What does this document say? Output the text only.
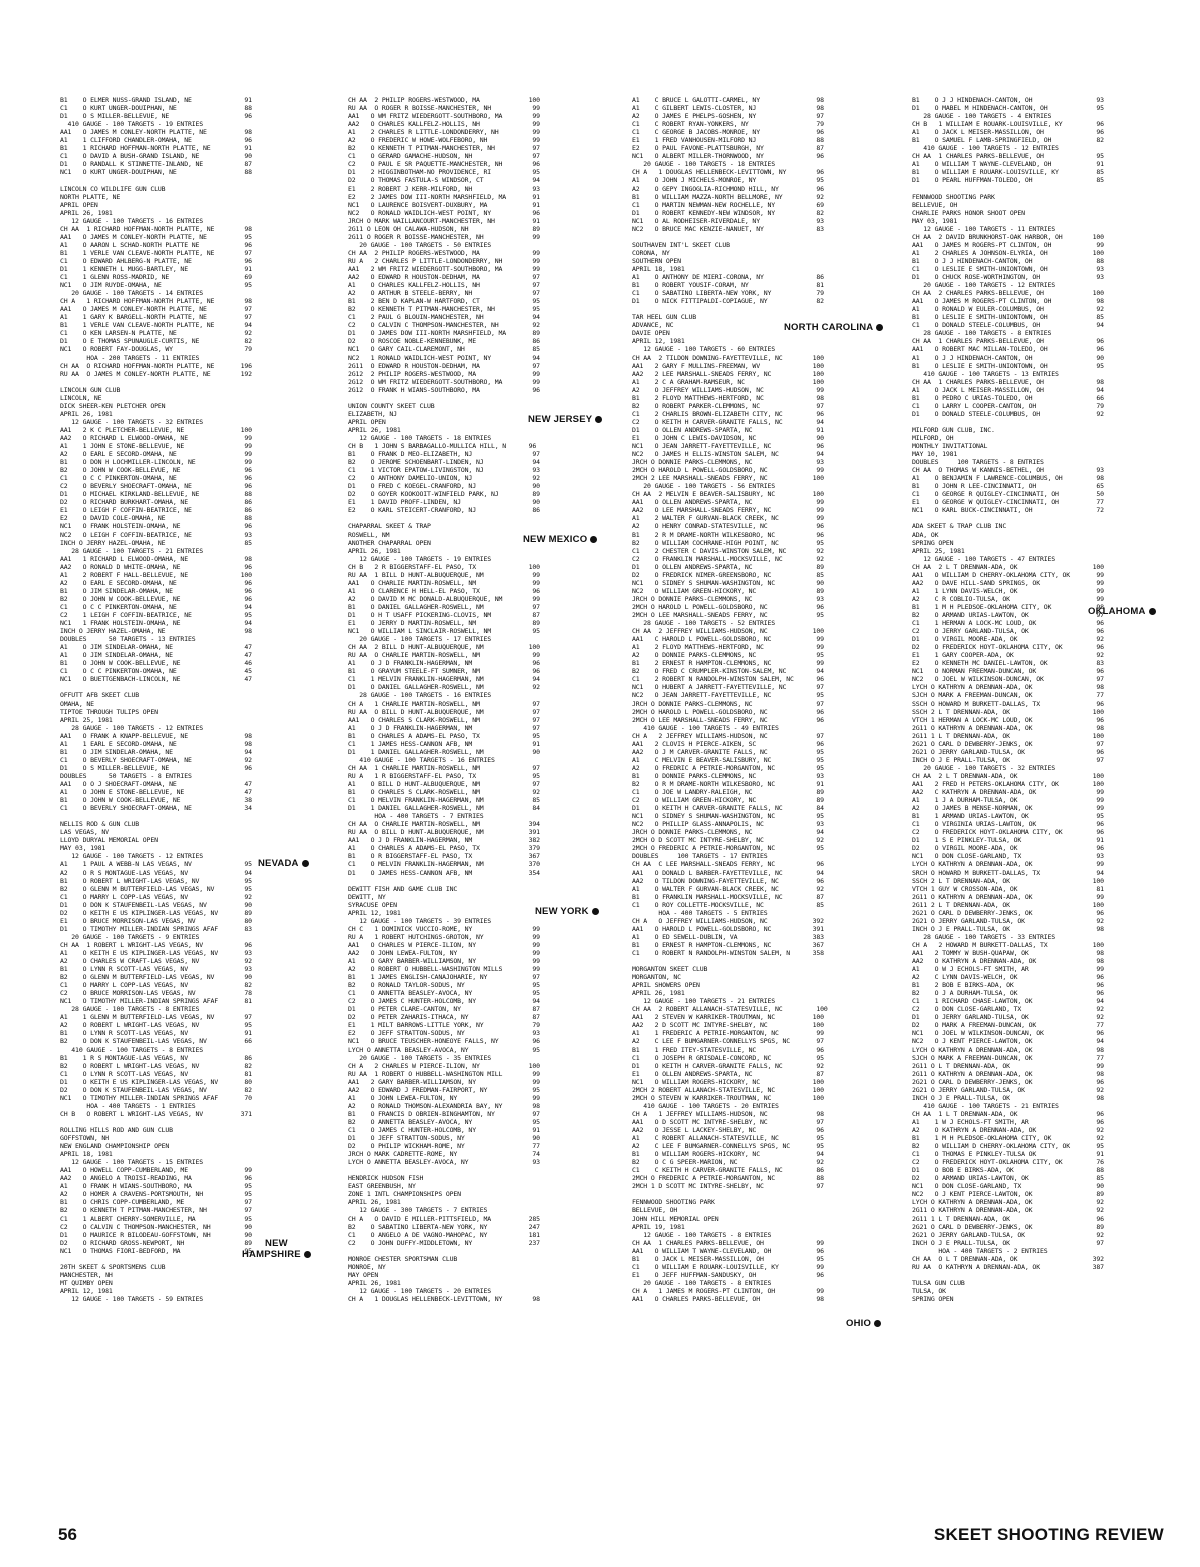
B1    O ELMER NUSS-GRAND ISLAND, NE              91
C1    O KURT UNGER-DOUIPHAN, NE                  88
D1    O S MILLER-BELLEVUE, NE                    96
410 GAUGE - 100 TARGETS - 19 ENTRIES
AA1   O JAMES M CONLEY-NORTH PLATTE, NE          98
A1    1 CLIFFORD CHANDLER-OMAHA, NE              96
B1    1 RICHARD HOFFMAN-NORTH PLATTE, NE         91
C1    O DAVID A BUSH-GRAND ISLAND, NE            90
D1    O RANDALL K STINNETTE-INLAND, NE           87
NC1   O KURT UNGER-DOUIPHAN, NE                  88
LINCOLN CO WILDLIFE GUN CLUB
NORTH PLATTE, NE
APRIL OPEN
APRIL 26, 1981
12 GAUGE - 100 TARGETS - 16 ENTRIES
CH AA  1 RICHARD HOFFMAN-NORTH PLATTE, NE        98
AA1   O JAMES M CONLEY-NORTH PLATTE, NE          95
A1    O AARON L SCHAD-NORTH PLATTE NE            96
B1    1 VERLE VAN CLEAVE-NORTH PLATTE, NE        97
C1    O EDWARD AHLBERG-N PLATTE, NE              96
D1    1 KENNETH L MUGG-BARTLEY, NE               91
C1    1 GLENN ROSS-MADRID, NE                    69
NC1   O JIM RUYDE-OMAHA, NE                      95
20 GAUGE - 100 TARGETS - 14 ENTRIES
CH A   1 RICHARD HOFFMAN-NORTH PLATTE, NE        98
AA1   O JAMES M CONLEY-NORTH PLATTE, NE          97
A1    1 GARY K BARGELL-NORTH PLATTE, NE          97
B1    1 VERLE VAN CLEAVE-NORTH PLATTE, NE        94
C1    O KEN LARSEN-N PLATTE, NE                  92
D1    O E THOMAS SPUNAUGLE-CURTIS, NE            82
NC1   O ROBERT FAY-DOUGLAS, WY                   79
HOA - 200 TARGETS - 11 ENTRIES
CH AA  O RICHARD HOFFMAN-NORTH PLATTE, NE       196
RU AA  O JAMES M CONLEY-NORTH PLATTE, NE        192
LINCOLN GUN CLUB
LINCOLN, NE
DICK SHEER-KEN PLETCHER OPEN
APRIL 26, 1981
12 GAUGE - 100 TARGETS - 32 ENTRIES
AA1   2 K C PLETCHER-BELLEVUE, NE               100
AA2   O RICHARD L ELWOOD-OMAHA, NE               99
A1    1 JOHN E STONE-BELLEVUE, NE                99
A2    O EARL E SECORD-OMAHA, NE                  99
B1    O DON H LOCHMILLER-LINCOLN, NE             99
B2    O JOHN W COOK-BELLEVUE, NE                 96
C1    O C C PINKERTON-OMAHA, NE                  96
C2    O BEVERLY SHOECRAFT-OMAHA, NE              96
D1    O MICHAEL KIRKLAND-BELLEVUE, NE            88
D2    O RICHARD BURKHART-OMAHA, NE               86
E1    O LEIGH F COFFIN-BEATRICE, NE              86
E2    O DAVID COLE-OMAHA, NE                     88
NC1   O FRANK HOLSTEIN-OMAHA, NE                 96
NC2   O LEIGH F COFFIN-BEATRICE, NE              93
INCH O JERRY HAZEL-OMAHA, NE                     85
28 GAUGE - 100 TARGETS - 21 ENTRIES
AA1   1 RICHARD L ELWOOD-OMAHA, NE               98
AA2   O RONALD D WHITE-OMAHA, NE                 96
A1    2 ROBERT F HALL-BELLEVUE, NE              100
A2    O EARL E SECORD-OMAHA, NE                  96
B1    O JIM SINDELAR-OMAHA, NE                   96
B2    O JOHN W COOK-BELLEVUE, NE                 96
C1    O C C PINKERTON-OMAHA, NE                  94
C2    1 LEIGH F COFFIN-BEATRICE, NE              95
NC1   1 FRANK HOLSTEIN-OMAHA, NE                 94
INCH O JERRY HAZEL-OMAHA, NE                     98
DOUBLES      50 TARGETS - 13 ENTRIES
A1    O JIM SINDELAR-OMAHA, NE                   47
A1    O JIM SINDELAR-OMAHA, NE                   47
B1    O JOHN W COOK-BELLEVUE, NE                 46
C1    O C C PINKERTON-OMAHA, NE                  45
NC1   O BUETTGENBACH-LINCOLN, NE                 47
OFFUTT AFB SKEET CLUB
OMAHA, NE
TIPTOE THROUGH TULIPS OPEN
APRIL 25, 1981
28 GAUGE - 100 TARGETS - 12 ENTRIES
AA1   O FRANK A KNAPP-BELLEVUE, NE               98
A1    1 EARL E SECORD-OMAHA, NE                  98
B1    O JIM SINDELAR-OMAHA, NE                   94
C1    O BEVERLY SHOECRAFT-OMAHA, NE              92
D1    O S MILLER-BELLEVUE, NE                    96
DOUBLES      50 TARGETS - 8 ENTRIES
AA1   O O J SHOECRAFT-OMAHA, NE                  47
A1    O JOHN E STONE-BELLEVUE, NE                47
B1    O JOHN W COOK-BELLEVUE, NE                 38
C1    O BEVERLY SHOECRAFT-OMAHA, NE              34
NELLIS ROD & GUN CLUB
LAS VEGAS, NV
LLOYD DURYAL MEMORIAL OPEN
MAY 03, 1981
12 GAUGE - 100 TARGETS - 12 ENTRIES
A1    1 PAUL A WEBB-N LAS VEGAS, NV              95
A2    O R S MONTAGUE-LAS VEGAS, NV               94
B1    O ROBERT L WRIGHT-LAS VEGAS, NV            95
B2    O GLENN M BUTTERFIELD-LAS VEGAS, NV        95
C1    O MARRY L COPP-LAS VEGAS, NV               92
D1    O DON K STAUFENBEIL-LAS VEGAS, NV          90
D2    O KEITH E US KIPLINGER-LAS VEGAS, NV       89
E1    O BRUCE MORRISON-LAS VEGAS, NV             80
D1    O TIMOTHY MILLER-INDIAN SPRINGS AFAF       83
20 GAUGE - 100 TARGETS - 9 ENTRIES
CH AA  1 ROBERT L WRIGHT-LAS VEGAS, NV           96
A1    O KEITH E US KIPLINGER-LAS VEGAS, NV       93
A2    O CHARLES W CRAFT-LAS VEGAS, NV            92
B1    O LYNN R SCOTT-LAS VEGAS, NV               93
B2    O GLENN M BUTTERFIELD-LAS VEGAS, NV        90
C1    O MARRY L COPP-LAS VEGAS, NV               82
C2    O BRUCE MORRISON-LAS VEGAS, NV             78
NC1   O TIMOTHY MILLER-INDIAN SPRINGS AFAF       81
28 GAUGE - 100 TARGETS - 8 ENTRIES
A1    1 GLENN M BUTTERFIELD-LAS VEGAS, NV        97
A2    O ROBERT L WRIGHT-LAS VEGAS, NV            95
B1    O LYNN R SCOTT-LAS VEGAS, NV               91
B2    O DON K STAUFENBEIL-LAS VEGAS, NV          66
410 GAUGE - 100 TARGETS - 8 ENTRIES
B1    1 R S MONTAGUE-LAS VEGAS, NV               86
B2    O ROBERT L WRIGHT-LAS VEGAS, NV            82
C1    O LYNN R SCOTT-LAS VEGAS, NV               81
D1    O KEITH E US KIPLINGER-LAS VEGAS, NV       80
D2    O DON K STAUFENBEIL-LAS VEGAS, NV          82
NC1   O TIMOTHY MILLER-INDIAN SPRINGS AFAF       70
HOA - 400 TARGETS - 1 ENTRIES
CH B   O ROBERT L WRIGHT-LAS VEGAS, NV          371
ROLLING HILLS ROD AND GUN CLUB
GOFFSTOWN, NH
NEW ENGLAND CHAMPIONSHIP OPEN
APRIL 18, 1981
12 GAUGE - 100 TARGETS - 15 ENTRIES
AA1   O HOWELL COPP-CUMBERLAND, ME               99
AA2   O ANGELO A TROISI-READING, MA              96
A1    O FRANK H WIANS-SOUTHBORO, MA              95
A2    O HOMER A CRAVENS-PORTSMOUTH, NH           95
B1    O CHRIS COPP-CUMBERLAND, ME                97
B2    O KENNETH T PITMAN-MANCHESTER, NH          97
C1    1 ALBERT CHERRY-SOMERVILLE, MA             95
C2    O CALVIN C THOMPSON-MANCHESTER, NH         90
D1    O MAURICE R BILODEAU-GOFFSTOWN, NH         90
D2    O RICHARD GROSS-NEWPORT, NH                89
NC1   O THOMAS FIORI-BEDFORD, MA                 95
20TH SKEET & SPORTSMENS CLUB
MANCHESTER, NH
MT QUIMBY OPEN
APRIL 12, 1981
12 GAUGE - 100 TARGETS - 59 ENTRIES
CH AA  2 PHILIP ROGERS-WESTWOOD, MA             100
RU AA  O ROGER R BOISSE-MANCHESTER, NH           99
AA1   O WM FRITZ WIEDERGOTT-SOUTHBORO, MA        99
AA2   O CHARLES KALLFELZ-HOLLIS, NH              99
A1    2 CHARLES R LITTLE-LONDONDERRY, NH         99
A2    O FREDERIC W HOWE-WOLFEBORO, NH            99
B2    O KENNETH T PITMAN-MANCHESTER, NH          97
C1    O GERARD GAMACHE-HUDSON, NH                97
C2    O PAUL E SR PAQUETTE-MANCHESTER, NH        96
D1    2 HIGGINBOTHAM-NO PROVIDENCE, RI           95
D2    O THOMAS FASTULA-S WINDSOR, CT             94
E1    2 ROBERT J KERR-MILFORD, NH                93
E2    2 JAMES DOW III-NORTH MARSHFIELD, MA       91
NC1   O LAURENCE BOISVERT-DUXBURY, MA            91
NC2   O RONALD WAIDLICH-WEST POINT, NY           96
JRCH O MARK WAILLANCOURT-MANCHESTER, NH          91
2G11 O LEON OH CALAWA-HUDSON, NH                 89
2G11 O ROGER R BOISSE-MANCHESTER, NH             99
20 GAUGE - 100 TARGETS - 50 ENTRIES
CH AA  2 PHILIP ROGERS-WESTWOOD, MA              99
RU A   2 CHARLES P LITTLE-LONDONDERRY, NH        99
AA1   2 WM FRITZ WIEDERGOTT-SOUTHBORO, MA        99
AA2   O EDWARD R HOUSTON-DEDHAM, MA              97
A1    O CHARLES KALLFELZ-HOLLIS, NH              97
A2    O ARTHUR B STEELE-BERRY, NH                97
B1    2 BEN D KAPLAN-W HARTFORD, CT              95
B2    O KENNETH T PITMAN-MANCHESTER, NH          95
C1    2 PAUL G BLOUIN-MANCHESTER, NH             94
C2    O CALVIN C THOMPSON-MANCHESTER, NH         92
D1    O JAMES DOW III-NORTH MARSHFIELD, MA       89
D2    O ROSCOE NOBLE-KENNEBUNK, ME               86
NC1   O GARY CAIL-CLAREMONT, NH                  85
NC2   1 RONALD WAIDLICH-WEST POINT, NY           94
2G11  O EDWARD R HOUSTON-DEDHAM, MA              97
2G12  2 PHILIP ROGERS-WESTWOOD, MA               99
2G12  O WM FRITZ WIEDERGOTT-SOUTHBORO, MA        99
2G12  O FRANK H WIANS-SOUTHBORO, MA              96
UNION COUNTY SKEET CLUB
ELIZABETH, NJ
APRIL OPEN
APRIL 26, 1981
12 GAUGE - 100 TARGETS - 18 ENTRIES
CH B   1 JOHN S BARBAGALLO-MULLICA HILL, N      96
B1    O FRANK D MEO-ELIZABETH, NJ                97
B2    O JEROME SCHOENBART-LINDEN, NJ             94
C1    1 VICTOR EPATOW-LIVINGSTON, NJ             93
C2    O ANTHONY DAMELIO-UNION, NJ                92
D1    O FRED C KOEGEL-CRANFORD, NJ               90
D2    O GOYER KOOKOOIT-WINFIELD PARK, NJ         89
E1    1 DAVID PROFF-LINDEN, NJ                   90
E2    O KARL STEICERT-CRANFORD, NJ               86
CHAPARRAL SKEET & TRAP
ROSWELL, NM
ANOTHER CHAPARRAL OPEN
APRIL 26, 1981
12 GAUGE - 100 TARGETS - 19 ENTRIES
CH B   2 R BIGGERSTAFF-EL PASO, TX              100
RU AA  1 BILL D HUNT-ALBUQUERQUE, NM             99
AA1   O CHARLIE MARTIN-ROSWELL, NM               99
A1    O CLARENCE H HELL-EL PASO, TX              96
A2    O DAVID M MC DONALD-ALBUQUERQUE, NM        99
B1    O DANIEL GALLAGHER-ROSWELL, NM             97
D1    O H T USAFF PICKERING-CLOVIS, NM           87
E1    O JERRY D MARTIN-ROSWELL, NM               89
NC1   O WILLIAM L SINCLAIR-ROSWELL, NM           95
20 GAUGE - 100 TARGETS - 17 ENTRIES
CH AA  2 BILL D HUNT-ALBUQUERQUE, NM            100
RU AA  O CHARLIE MARTIN-ROSWELL, NM              99
A1    O J D FRANKLIN-HAGERMAN, NM                96
B1    O GRAYUM STEELE-FT SUMNER, NM              96
C1    1 MELVIN FRANKLIN-HAGERMAN, NM             94
D1    O DANIEL GALLAGHER-ROSWELL, NM             92
28 GAUGE - 100 TARGETS - 16 ENTRIES
CH A   1 CHARLIE MARTIN-ROSWELL, NM              97
RU AA  O BILL D HUNT-ALBUQUERQUE, NM             97
AA1   O CHARLES S CLARK-ROSWELL, NM              97
A1    O J D FRANKLIN-HAGERMAN, NM                97
B1    O CHARLES A ADAMS-EL PASO, TX              95
C1    1 JAMES HESS-CANNON AFB, NM                91
D1    1 DANIEL GALLAGHER-ROSWELL, NM             90
410 GAUGE - 100 TARGETS - 16 ENTRIES
CH AA  1 CHARLIE MARTIN-ROSWELL, NM              97
RU A   1 R BIGGERSTAFF-EL PASO, TX               95
A1    O BILL D HUNT-ALBUQUERQUE, NM              97
B1    O CHARLES S CLARK-ROSWELL, NM              92
C1    O MELVIN FRANKLIN-HAGERMAN, NM             85
D1    1 DANIEL GALLAGHER-ROSWELL, NM             84
HOA - 400 TARGETS - 7 ENTRIES
CH AA  O CHARLIE MARTIN-ROSWELL, NM             394
RU AA  O BILL D HUNT-ALBUQUERQUE, NM            391
AA1   O J D FRANKLIN-HAGERMAN, NM               382
A1    O CHARLES A ADAMS-EL PASO, TX             379
B1    O R BIGGERSTAFF-EL PASO, TX               367
C1    O MELVIN FRANKLIN-HAGERMAN, NM            370
D1    O JAMES HESS-CANNON AFB, NM               354
DEWITT FISH AND GAME CLUB INC
DEWITT, NY
SYRACUSE OPEN
APRIL 12, 1981
12 GAUGE - 100 TARGETS - 39 ENTRIES
CH C   1 DOMINICK VUCCIO-ROME, NY                99
RU A   1 ROBERT HUTCHINGS-GROTON, NY             99
AA1   O CHARLES W PIERCE-ILION, NY               99
AA2   O JOHN LEWEA-FULTON, NY                    99
A1    O GARY BARBER-WILLIAMSON, NY               99
A2    O ROBERT O HUBBELL-WASHINGTON MILLS        99
B1    1 JAMES ENGLISH-CANAJOHARIE, NY            97
B2    O RONALD TAYLOR-SODUS, NY                  95
C1    O ANNETTA BEASLEY-AVOCA, NY                95
C2    O JAMES C HUNTER-HOLCOMB, NY               94
D1    O PETER CLARE-CANTON, NY                   87
D2    O PETER ZAHARIS-ITHACA, NY                 87
E1    1 MILT BARROWS-LITTLE YORK, NY             79
E2    O JEFF STRATTON-SODUS, NY                  93
NC1   O BRUCE TEUSCHER-HONEOYE FALLS, NY         96
LYCH O ANNETTA BEASLEY-AVOCA, NY                 95
20 GAUGE - 100 TARGETS - 35 ENTRIES
CH A   2 CHARLES W PIERCE-ILION, NY             100
RU AA  1 ROBERT O HUBBELL-WASHINGTON MILL        99
AA1   2 GARY BARBER-WILLIAMSON, NY               99
AA2   O EDWARD J FREDMAN-FAIRPORT, NY            95
A1    O JOHN LEWEA-FULTON, NY                    99
A2    O RONALD THOMSON-ALEXANDRIA BAY, NY        98
B1    O FRANCIS D OBRIEN-BINGHAMTON, NY          97
B2    O ANNETTA BEASLEY-AVOCA, NY                95
C1    O JAMES C HUNTER-HOLCOMB, NY               91
D1    O JEFF STRATTON-SODUS, NY                  90
D2    O PHILIP WICKHAM-ROME, NY                  77
JRCH O MARK CADRETTE-ROME, NY                    74
LYCH O ANNETTA BEASLEY-AVOCA, NY                 93
HENDRICK HUDSON FISH
EAST GREENBUSH, NY
ZONE 1 INTL CHAMPIONSHIPS OPEN
APRIL 26, 1981
12 GAUGE - 300 TARGETS - 7 ENTRIES
CH A   O DAVID E MILLER-PITTSFIELD, MA          285
B2    O SABATINO LIBERTA-NEW YORK, NY           247
C1    O ANGELO A DE VAGNO-MAHOPAC, NY           181
C2    O JOHN DUFFY-MIDDLETOWN, NY               237
MONROE CHESTER SPORTSMAN CLUB
MONROE, NY
MAY OPEN
APRIL 26, 1981
12 GAUGE - 100 TARGETS - 20 ENTRIES
CH A   1 DOUGLAS HELLENBECK-LEVITTOWN, NY        98
A1    C BRUCE L GALOTTI-CARMEL, NY               98
A1    C GILBERT LEWIS-CLOSTER, NJ                98
A2    O JAMES E PHELPS-GOSHEN, NY                97
C1    C ROBERT RYAN-YONKERS, NY                  79
C1    C GEORGE B JACOBS-MONROE, NY               96
E1    1 FRED VANHOUSEN-MILFORD NJ                88
E2    O PAUL FAVONE-PLATTSBURGH, NY              87
NC1   O ALBERT MILLER-THORNWOOD, NY              96
20 GAUGE - 100 TARGETS - 18 ENTRIES
CH A   1 DOUGLAS HELLENBECK-LEVITTOWN, NY        96
A1    O JOHN J MICHELS-MONROE, NY                95
A2    O GEPY INGOGLIA-RICHMOND HILL, NY          96
B1    O WILLIAM MAZZA-NORTH BELLMORE, NY         92
C1    O MARTIN NEWMAN-NEW ROCHELLE, NY           69
D1    O ROBERT KENNEDY-NEW WINDSOR, NY           82
NC1   O AL RODHEISER-RIVERDALE, NY               93
NC2   O BRUCE MAC KENZIE-NANUET, NY              83
SOUTHAVEN INT'L SKEET CLUB
CORONA, NY
SOUTHERN OPEN
APRIL 18, 1981
A1    O ANTHONY DE MIERI-CORONA, NY              86
B1    O ROBERT YOUSIF-CORAM, NY                  81
C1    O SABATINO LIBERTA-NEW YORK, NY            79
D1    O NICK FITTIPALDI-COPIAGUE, NY             82
TAR HEEL GUN CLUB
ADVANCE, NC
DAVIE OPEN
APRIL 12, 1981
12 GAUGE - 100 TARGETS - 60 ENTRIES
CH AA  2 TILDON DOWNING-FAYETTEVILLE, NC        100
AA1   2 GARY F MULLINS-FREEMAN, WV              100
AA2   2 LEE MARSHALL-SNEADS FERRY, NC           100
A1    2 C A GRAHAM-RAMSEUR, NC                  100
A2    O JEFFREY WILLIAMS-HUDSON, NC              99
B1    2 FLOYD MATTHEWS-HERTFORD, NC              98
B2    O ROBERT PARKER-CLEMMONS, NC               97
C1    2 CHARLIS BROWN-ELIZABETH CITY, NC         96
C2    O KEITH H CARVER-GRANITE FALLS, NC         94
D1    O OLLEN ANDREWS-SPARTA, NC                 91
E1    O JOHN C LEWIS-DAVIDSON, NC                90
NC1   O JEAN JARRETT-FAYETTEVILLE, NC            96
NC2   O JAMES H ELLIS-WINSTON SALEM, NC          94
JRCH O DONNIE PARKS-CLEMMONS, NC                 93
2MCH O HAROLD L POWELL-GOLDSBORO, NC             99
2MCH 2 LEE MARSHALL-SNEADS FERRY, NC            100
20 GAUGE - 100 TARGETS - 56 ENTRIES
CH AA  2 MELVIN E BEAVER-SALISBURY, NC          100
AA1   O OLLEN ANDREWS-SPARTA, NC                 99
AA2   O LEE MARSHALL-SNEADS FERRY, NC            99
A1    2 WALTER F GURVAN-BLACK CREEK, NC          99
A2    O HENRY CONRAD-STATESVILLE, NC             96
B1    2 R M DRAME-NORTH WILKESBORO, NC           96
B2    O WILLIAM COCHRANE-HIGH POINT, NC          95
C1    2 CHESTER C DAVIS-WINSTON SALEM, NC        92
C2    O FRANKLIN MARSHALL-MOCKSVILLE, NC         92
D1    O OLLEN ANDREWS-SPARTA, NC                 89
D2    O FREDRICK NIMER-GREENSBORO, NC            85
NC1   O SIDNEY S SHUMAN-WASHINGTON, NC           90
NC2   O WILLIAM GREEN-HICKORY, NC                89
JRCH O DONNIE PARKS-CLEMMONS, NC                 93
2MCH O HAROLD L POWELL-GOLDSBORO, NC             96
2MCH O LEE MARSHALL-SNEADS FERRY, NC             95
28 GAUGE - 100 TARGETS - 52 ENTRIES
CH AA  2 JEFFREY WILLIAMS-HUDSON, NC            100
AA1   C HAROLD L POWELL-GOLDSBORO, NC            99
A1    2 FLOYD MATTHEWS-HERTFORD, NC              99
A2    O DONNIE PARKS-CLEMMONS, NC                95
B1    2 ERNEST R HAMPTON-CLEMMONS, NC            99
B2    O FRED C CRUMPLER-KINSTON-SALEM, NC        94
C1    2 ROBERT N RANDOLPH-WINSTON SALEM, NC      96
NC1   O HUBERT A JARRETT-FAYETTEVILLE, NC        97
NC2   O JEAN JARRETT-FAYETTEVILLE, NC            95
JRCH O DONNIE PARKS-CLEMMONS, NC                 97
2MCH O HAROLD L POWELL-GOLDSBORO, NC             96
2MCH O LEE MARSHALL-SNEADS FERRY, NC             96
410 GAUGE - 100 TARGETS - 49 ENTRIES
CH A   2 JEFFREY WILLIAMS-HUDSON, NC             97
AA1   2 CLOVIS H PIERCE-AIKEN, SC                96
AA2   O J M CARVER-GRANITE FALLS, NC             95
A1    C MELVIN E BEAVER-SALISBURY, NC            95
A2    O FREDRIC A PETRIE-MORGANTON, NC           95
B1    O DONNIE PARKS-CLEMMONS, NC                93
B2    O R M DRAME-NORTH WILKESBORO, NC           91
C1    O JOE W LANDRY-RALEIGH, NC                 89
C2    O WILLIAM GREEN-HICKORY, NC                89
D1    O KEITH H CARVER-GRANITE FALLS, NC         84
NC1   O SIDNEY S SHUMAN-WASHINGTON, NC           95
NC2   O PHILLIP GLASS-ANNAPOLIS, NC              93
JRCH O DONNIE PARKS-CLEMMONS, NC                 94
2MCH O D SCOTT MC INTYRE-SHELBY, NC              92
2MCH O FREDERIC A PETRIE-MORGANTON, NC           95
DOUBLES     100 TARGETS - 17 ENTRIES
CH AA  C LEE MARSHALL-SNEADS FERRY, NC           96
AA1   O DONALD L BARBER-FAYETTEVILLE, NC         94
AA2   O TILDON DOWNING-FAYETTEVILLE, NC          96
A1    O WALTER F GURVAN-BLACK CREEK, NC          92
B1    O FRANKLIN MARSHALL-MOCKSVILLE, NC         87
C1    O ROY COLLETTE-MOCKSVILLE, NC              85
HOA - 400 TARGETS - 5 ENTRIES
CH A   O JEFFREY WILLIAMS-HUDSON, NC            392
AA1   O HAROLD L POWELL-GOLDSBORO, NC           391
A1    O ED SEWELL-DUBLIN, VA                    383
B1    O ERNEST R HAMPTON-CLEMMONS, NC           367
C1    O ROBERT N RANDOLPH-WINSTON SALEM, N      358
MORGANTON SKEET CLUB
MORGANTON, NC
APRIL SHOWERS OPEN
APRIL 26, 1981
12 GAUGE - 100 TARGETS - 21 ENTRIES
CH AA  2 ROBERT ALLANACH-STATESVILLE, NC         100
AA1   2 STEVEN W KARRIKER-TROUTMAN, NC          100
AA2   2 D SCOTT MC INTYRE-SHELBY, NC            100
A1    1 FREDERIC A PETRIE-MORGANTON, NC          99
A2    C LEE F BUMGARNER-CONNELLYS SPGS, NC       97
B1    1 FRED ITEY-STATESVILLE, NC                96
C1    O JOSEPH R GRISDALE-CONCORD, NC            95
D1    O KEITH H CARVER-GRANITE FALLS, NC         92
E1    O OLLEN ANDREWS-SPARTA, NC                 87
NC1   O WILLIAM ROGERS-HICKORY, NC              100
2MCH 2 ROBERT ALLANACH-STATESVILLE, NC          100
2MCH O STEVEN W KARRIKER-TROUTMAN, NC           100
410 GAUGE - 100 TARGETS - 20 ENTRIES
CH A   1 JEFFREY WILLIAMS-HUDSON, NC             98
AA1   O D SCOTT MC INTYRE-SHELBY, NC             97
AA2   O JESSE L LACKEY-SHELBY, NC                96
A1    C ROBERT ALLANACH-STATESVILLE, NC          95
A2    C LEE F BUMGARNER-CONNELLYS SPGS, NC       95
B1    O WILLIAM ROGERS-HICKORY, NC               94
B2    O C G SPEER-MARION, NC                     92
C1    C KEITH H CARVER-GRANITE FALLS, NC         86
2MCH O FREDERIC A PETRIE-MORGANTON, NC           88
2MCH 1 D SCOTT MC INTYRE-SHELBY, NC              97
FENNWOOD SHOOTING PARK
BELLEVUE, OH
JOHN HILL MEMORIAL OPEN
APRIL 19, 1981
12 GAUGE - 100 TARGETS - 8 ENTRIES
CH AA  1 CHARLES PARKS-BELLEVUE, OH              99
AA1   O WILLIAM T WAYNE-CLEVELAND, OH            96
B1    O JACK L MEISER-MASSILLON, OH              95
C1    O WILLIAM E ROUARK-LOUISVILLE, KY          99
E1    O JEFF HUFFMAN-SANDUSKY, OH                96
20 GAUGE - 100 TARGETS - 8 ENTRIES
CH A   1 JAMES M ROGERS-PT CLINTON, OH           99
AA1   O CHARLES PARKS-BELLEVUE, OH               98
B1    O J J HINDENACH-CANTON, OH                 93
D1    O MABEL M HINDENACH-CANTON, OH             95
28 GAUGE - 100 TARGETS - 4 ENTRIES
CH B   1 WILLIAM E ROUARK-LOUISVILLE, KY         96
A1    O JACK L MEISER-MASSILLON, OH              96
B1    O SAMUEL F LAMB-SPRINGFIELD, OH            82
410 GAUGE - 100 TARGETS - 12 ENTRIES
CH AA  1 CHARLES PARKS-BELLEVUE, OH              95
A1    O WILLIAM T WAYNE-CLEVELAND, OH            91
B1    O WILLIAM E ROUARK-LOUISVILLE, KY          85
D1    O PEARL HUFFMAN-TOLEDO, OH                 85
FENNWOOD SHOOTING PARK
BELLEVUE, OH
CHARLIE PARKS HONOR SHOOT OPEN
MAY 03, 1981
12 GAUGE - 100 TARGETS - 11 ENTRIES
CH AA  2 DAVID BRUNKHORST-OAK HARBOR, OH        100
AA1   O JAMES M ROGERS-PT CLINTON, OH            99
A1    2 CHARLES A JOHNSON-ELYRIA, OH            100
B1    O J J HINDENACH-CANTON, OH                 88
C1    O LESLIE E SMITH-UNIONTOWN, OH             93
D1    O CHUCK ROSE-WORTHINGTON, OH               93
20 GAUGE - 100 TARGETS - 12 ENTRIES
CH AA  2 CHARLES PARKS-BELLEVUE, OH             100
AA1   O JAMES M ROGERS-PT CLINTON, OH            98
A1    O RONALD W EULER-COLUMBUS, OH              92
B1    O LESLIE E SMITH-UNIONTOWN, OH             85
C1    O DONALD STEELE-COLUMBUS, OH               94
28 GAUGE - 100 TARGETS - 8 ENTRIES
CH AA  1 CHARLES PARKS-BELLEVUE, OH              96
AA1   O ROBERT MAC MILLAN-TOLEDO, OH             96
A1    O J J HINDENACH-CANTON, OH                 90
B1    O LESLIE E SMITH-UNIONTOWN, OH             95
410 GAUGE - 100 TARGETS - 13 ENTRIES
CH AA  1 CHARLES PARKS-BELLEVUE, OH              98
A1    O JACK L MEISER-MASSILLON, OH              94
B1    O PEDRO C URIAS-TOLEDO, OH                 66
C1    O LARRY L COOPER-CANTON, OH                79
D1    O DONALD STEELE-COLUMBUS, OH               92
MILFORD GUN CLUB, INC.
MILFORD, OH
MONTHLY INVITATIONAL
MAY 10, 1981
DOUBLES     100 TARGETS - 8 ENTRIES
CH AA  O THOMAS W KANNIS-BETHEL, OH              93
A1    O BENJAMIN F LAWRENCE-COLUMBUS, OH         98
B1    O JOHN R LEE-CINCINNATI, OH                65
C1    O GEORGE R QUIGLEY-CINCINNATI, OH          50
E1    O GEORGE W QUIGLEY-CINCINNATI, OH          77
NC1   O KARL BUCK-CINCINNATI, OH                 72
ADA SKEET & TRAP CLUB INC
ADA, OK
SPRING OPEN
APRIL 25, 1981
12 GAUGE - 100 TARGETS - 47 ENTRIES
CH AA  2 L T DRENNAN-ADA, OK                    100
AA1   O WILLIAM D CHERRY-OKLAHOMA CITY, OK       99
AA2   O DAVE HILL-SAND SPRINGS, OK               99
A1    1 LYNN DAVIS-WELCH, OK                     99
A2    C R COBLIO-TULSA, OK                       99
B1    1 M H PLEDSOE-OKLAHOMA CITY, OK            98
B2    O ARMAND URIAS-LAWTON, OK                  97
C1    1 HERMAN A LOCK-MC LOUD, OK                96
C2    O JERRY GARLAND-TULSA, OK                  96
D1    O VIRGIL MOORE-ADA, OK                     92
D2    O FREDERICK HOYT-OKLAHOMA CITY, OK         96
E1    1 GARY COOPER-ADA, OK                      92
E2    O KENNETH MC DANIEL-LAWTON, OK             83
NC1   O NORMAN FREEMAN-DUNCAN, OK                96
NC2   O JOEL W WILKINSON-DUNCAN, OK              97
LYCH O KATHRYN A DRENNAN-ADA, OK                 98
SJCH O MARK A FREEMAN-DUNCAN, OK                 77
SSCH O HOWARD M BURKETT-DALLAS, TX               96
SSCH 2 L T DRENNAN-ADA, OK                      100
VTCH 1 HERMAN A LOCK-MC LOUD, OK                 96
2G11 O KATHRYN A DRENNAN-ADA, OK                 98
2G11 1 L T DRENNAN-ADA, OK                      100
2G21 O CARL D DEWBERRY-JENKS, OK                 97
2G21 O JERRY GARLAND-TULSA, OK                   96
INCH O J E PRALL-TULSA, OK                       97
20 GAUGE - 100 TARGETS - 32 ENTRIES
CH AA  2 L T DRENNAN-ADA, OK                    100
AA1   2 FRED H PETERS-OKLAHOMA CITY, OK         100
AA2   C KATHRYN A DRENNAN-ADA, OK                99
A1    1 J A DURHAM-TULSA, OK                     99
A2    O JAMES B MENSE-NORMAN, OK                 99
B1    1 ARMAND URIAS-LAWTON, OK                  95
C1    O VIRGINIA URIAS-LAWTON, OK                96
C2    O FREDERICK HOYT-OKLAHOMA CITY, OK         96
D1    1 S E PINKLEY-TULSA, OK                    91
D2    O VIRGIL MOORE-ADA, OK                     96
NC1   O DON CLOSE-GARLAND, TX                    93
LYCH O KATHRYN A DRENNAN-ADA, OK                 99
SRCH O HOWARD M BURKETT-DALLAS, TX               94
SSCH 2 L T DRENNAN-ADA, OK                      100
VTCH 1 GUY W CROSSON-ADA, OK                     81
2G11 O KATHRYN A DRENNAN-ADA, OK                 99
2G11 2 L T DRENNAN-ADA, OK                      100
2G21 O CARL D DEWBERRY-JENKS, OK                 96
2G21 O JERRY GARLAND-TULSA, OK                   92
INCH O J E PRALL-TULSA, OK                       98
28 GAUGE - 100 TARGETS - 33 ENTRIES
CH A   2 HOWARD M BURKETT-DALLAS, TX            100
AA1   2 TOMMY W BUSH-QUAPAW, OK                  98
AA2   O KATHRYN A DRENNAN-ADA, OK                98
A1    O W J ECHOLS-FT SMITH, AR                  99
A2    C LYNN DAVIS-WELCH, OK                     96
B1    2 BOB E BIRKS-ADA, OK                      96
B2    O J A DURHAM-TULSA, OK                     96
C1    1 RICHARD CHASE-LAWTON, OK                 94
C2    O DON CLOSE-GARLAND, TX                    92
D1    O JERRY GARLAND-TULSA, OK                  92
D2    O MARK A FREEMAN-DUNCAN, OK                77
NC1   O JOEL W WILKINSON-DUNCAN, OK              96
NC2   O J KENT PIERCE-LAWTON, OK                 94
LYCH O KATHRYN A DRENNAN-ADA, OK                 98
SJCH O MARK A FREEMAN-DUNCAN, OK                 77
2G11 O L T DRENNAN-ADA, OK                       99
2G11 O KATHRYN A DRENNAN-ADA, OK                 98
2G21 O CARL D DEWBERRY-JENKS, OK                 96
2G21 O JERRY GARLAND-TULSA, OK                   92
INCH O J E PRALL-TULSA, OK                       98
410 GAUGE - 100 TARGETS - 21 ENTRIES
CH AA  1 L T DRENNAN-ADA, OK                     96
A1    1 W J ECHOLS-FT SMITH, AR                  96
A2    O KATHRYN A DRENNAN-ADA, OK                92
B1    1 M H PLEDSOE-OKLAHOMA CITY, OK            92
B2    O WILLIAM D CHERRY-OKLAHOMA CITY, OK       95
C1    O THOMAS E PINKLEY-TULSA OK                91
C2    O FREDERICK HOYT-OKLAHOMA CITY, OK         76
D1    O BOB E BIRKS-ADA, OK                      88
D2    O ARMAND URIAS-LAWTON, OK                  85
NC1   O DON CLOSE-GARLAND, TX                    90
NC2   O J KENT PIERCE-LAWTON, OK                 89
LYCH O KATHRYN A DRENNAN-ADA, OK                 92
2G11 O KATHRYN A DRENNAN-ADA, OK                 92
2G11 1 L T DRENNAN-ADA, OK                       96
2G21 O CARL D DEWBERRY-JENKS, OK                 89
2G21 O JERRY GARLAND-TULSA, OK                   92
INCH O J E PRALL-TULSA, OK                       97
HOA - 400 TARGETS - 2 ENTRIES
CH AA  O L T DRENNAN-ADA, OK                    392
RU AA  O KATHRYN A DRENNAN-ADA, OK              387
TULSA GUN CLUB
TULSA, OK
SPRING OPEN
NEVADA
NEW
HAMPSHIRE
NEW JERSEY
NEW MEXICO
NEW YORK
NORTH CAROLINA
OHIO
OKLAHOMA
56	SKEET SHOOTING REVIEW
